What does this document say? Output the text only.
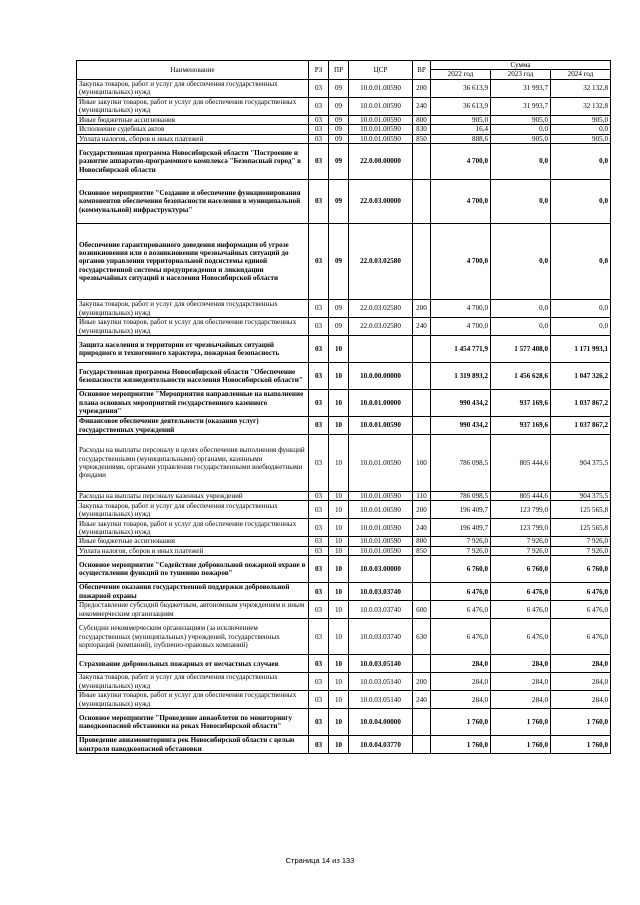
Наименование	РЗ	ПР	ЦСР	ВР	Сумма		
					2022 год	2023 год	2024 год
Закупка товаров, работ и услуг для обеспечения государственных (муниципальных) нужд	03	09	10.0.01.00590	200	36 613,9	31 993,7	32 132,8
Иные закупки товаров, работ и услуг для обеспечения государственных (муниципальных) нужд	03	09	10.0.01.00590	240	36 613,9	31 993,7	32 132,8
Иные бюджетные ассигнования	03	09	10.0.01.00590	800	905,0	905,0	905,0
Исполнение судебных актов	03	09	10.0.01.00590	830	16,4	0,0	0,0
Уплата налогов, сборов и иных платежей	03	09	10.0.01.00590	850	888,6	905,0	905,0
Государственная программа Новосибирской области "Построение и развитие аппаратно-программного комплекса "Безопасный город" в Новосибирской области	03	09	22.0.00.00000		4 700,0	0,0	0,0
Основное мероприятие "Создание и обеспечение функционирования компонентов обеспечения безопасности населения в муниципальной (коммунальной) инфраструктуры"	03	09	22.0.03.00000		4 700,0	0,0	0,0
Обеспечение гарантированного доведения информации об угрозе возникновения или о возникновении чрезвычайных ситуаций до органов управления территориальной подсистемы единой государственной системы предупреждения и ликвидации чрезвычайных ситуаций и населения Новосибирской области	03	09	22.0.03.02580		4 700,0	0,0	0,0
Закупка товаров, работ и услуг для обеспечения государственных (муниципальных) нужд	03	09	22.0.03.02580	200	4 700,0	0,0	0,0
Иные закупки товаров, работ и услуг для обеспечения государственных (муниципальных) нужд	03	09	22.0.03.02580	240	4 700,0	0,0	0,0
Защита населения и территории от чрезвычайных ситуаций природного и техногенного характера, пожарная безопасность	03	10			1 454 771,9	1 577 408,0	1 171 993,1
Государственная программа Новосибирской области "Обеспечение безопасности жизнедеятельности населения Новосибирской области"	03	10	10.0.00.00000		1 319 893,2	1 456 628,6	1 047 326,2
Основное мероприятие "Мероприятия направленные на выполнение плана основных мероприятий государственного казенного учреждения"	03	10	10.0.01.00000		990 434,2	937 169,6	1 037 867,2
Финансовое обеспечение деятельности (оказания услуг) государственных учреждений	03	10	10.0.01.00590		990 434,2	937 169,6	1 037 867,2
Расходы на выплаты персоналу в целях обеспечения выполнения функций государственными (муниципальными) органами, казенными учреждениями, органами управления государственными внебюджетными фондами	03	10	10.0.01.00590	100	786 098,5	805 444,6	904 375,5
Расходы на выплаты персоналу казенных учреждений	03	10	10.0.01.00590	110	786 098,5	805 444,6	904 375,5
Закупка товаров, работ и услуг для обеспечения государственных (муниципальных) нужд	03	10	10.0.01.00590	200	196 409,7	123 799,0	125 565,8
Иные закупки товаров, работ и услуг для обеспечения государственных (муниципальных) нужд	03	10	10.0.01.00590	240	196 409,7	123 799,0	125 565,8
Иные бюджетные ассигнования	03	10	10.0.01.00590	800	7 926,0	7 926,0	7 926,0
Уплата налогов, сборов и иных платежей	03	10	10.0.01.00590	850	7 926,0	7 926,0	7 926,0
Основное мероприятие "Содействие добровольной пожарной охране в осуществлении функций по тушению пожаров"	03	10	10.0.03.00000		6 760,0	6 760,0	6 760,0
Обеспечение оказания государственной поддержки добровольной пожарной охраны	03	10	10.0.03.03740		6 476,0	6 476,0	6 476,0
Предоставление субсидий бюджетным, автономным учреждениям и иным некоммерческим организациям	03	10	10.0.03.03740	600	6 476,0	6 476,0	6 476,0
Субсидии некоммерческим организациям (за исключением государственных (муниципальных) учреждений, государственных корпораций (компаний), публично-правовых компаний)	03	10	10.0.03.03740	630	6 476,0	6 476,0	6 476,0
Страхование добровольных пожарных от несчастных случаев	03	10	10.0.03.05140		284,0	284,0	284,0
Закупка товаров, работ и услуг для обеспечения государственных (муниципальных) нужд	03	10	10.0.03.05140	200	284,0	284,0	284,0
Иные закупки товаров, работ и услуг для обеспечения государственных (муниципальных) нужд	03	10	10.0.03.05140	240	284,0	284,0	284,0
Основное мероприятие "Проведение авиаоблетов по мониторингу паводкоопасной обстановки на реках Новосибирской области"	03	10	10.0.04.00000		1 760,0	1 760,0	1 760,0
Проведение авиамониторинга рек Новосибирской области с целью контроля паводкоопасной обстановки	03	10	10.0.04.03770		1 760,0	1 760,0	1 760,0
Страница 14 из 133
